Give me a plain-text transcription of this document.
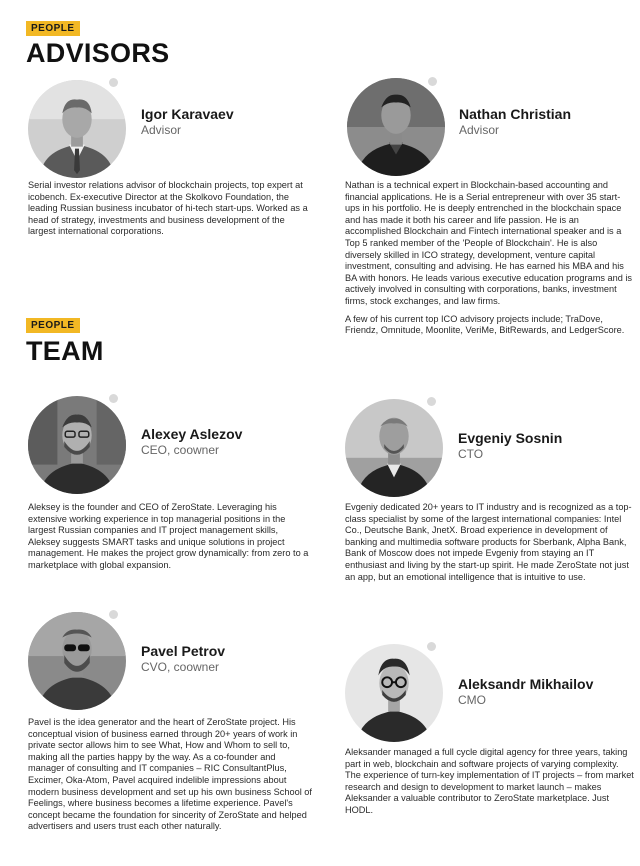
PEOPLE
ADVISORS
Igor Karavaev
Advisor

Serial investor relations advisor of blockchain projects, top expert at icobench. Ex-executive Director at the Skolkovo Foundation, the leading Russian business incubator of hi-tech start-ups. Worked as a head of strategy, investments and business development of the largest international corporations.

Nathan Christian
Advisor

Nathan is a technical expert in Blockchain-based accounting and financial applications. He is a Serial entrepreneur with over 35 start-ups in his portfolio. He is deeply entrenched in the blockchain space and has made it both his career and life passion. He is an accomplished Blockchain and Fintech international speaker and is a Top 5 ranked member of the 'People of Blockchain'. He is also diversely skilled in ICO strategy, development, venture capital investment, consulting and advising. He has earned his MBA and his BA with honors. He leads various executive education programs and is actively involved in consulting with corporations, banks, investment firms, stock exchanges, and law firms.

A few of his current top ICO advisory projects include; TraDove, Friendz, Omnitude, Moonlite, VeriMe, BitRewards, and LedgerScore.

PEOPLE
TEAM
Alexey Aslezov
CEO, coowner

Aleksey is the founder and CEO of ZeroState. Leveraging his extensive working experience in top managerial positions in the largest Russian companies and IT project management skills, Aleksey suggests SMART tasks and unique solutions in project management. He makes the project grow dynamically: from zero to a marketplace with global expansion.

Evgeniy Sosnin
CTO

Evgeniy dedicated 20+ years to IT industry and is recognized as a top-class specialist by some of the largest international companies: Intel Co., Deutsche Bank, JnetX. Broad experience in development of banking and multimedia software products for Sberbank, Alpha Bank, Bank of Moscow does not impede Evgeniy from staying an IT enthusiast and living by the start-up spirit. He made ZeroState not just an app, but an emotional intelligence that is intuitive to use.

Pavel Petrov
CVO, coowner

Pavel is the idea generator and the heart of ZeroState project. His conceptual vision of business earned through 20+ years of work in private sector allows him to see What, How and Whom to sell to, making all the parties happy by the way. As a co-founder and manager of consulting and IT companies – RIC ConsultantPlus, Excimer, Oka-Atom, Pavel acquired indelible impressions about modern business development and set up his own business School of Feelings, where business becomes a lifetime experience. Pavel's concept became the foundation for sincerity of ZeroState and helped advertisers and users trust each other naturally.

Aleksandr Mikhailov
CMO

Aleksander managed a full cycle digital agency for three years, taking part in web, blockchain and software projects of varying complexity. The experience of turn-key implementation of IT projects – from market research and design to development to market launch – makes Aleksander a valuable contributor to ZeroState marketplace. Just HODL.
